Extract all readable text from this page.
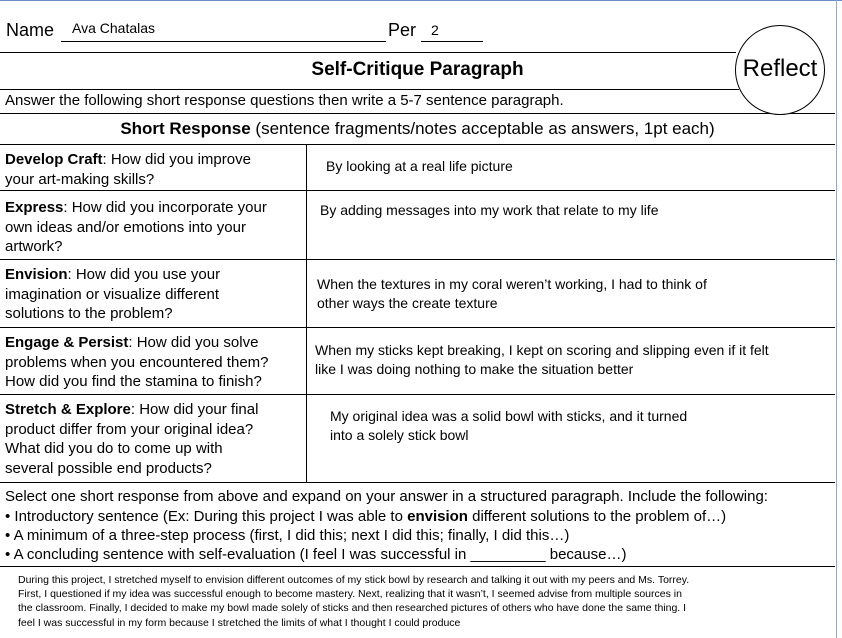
Name Ava Chatalas	Per 2
Reflect
Self-Critique Paragraph
Answer the following short response questions then write a 5-7 sentence paragraph.
Short Response (sentence fragments/notes acceptable as answers, 1pt each)
Develop Craft: How did you improve
your art-making skills?
By looking at a real life picture
Express: How did you incorporate your
own ideas and/or emotions into your
artwork?
By adding messages into my work that relate to my life
Envision: How did you use your
imagination or visualize different
solutions to the problem?
When the textures in my coral weren’t working, I had to think of
other ways the create texture
Engage & Persist: How did you solve
problems when you encountered them?
How did you find the stamina to finish?
When my sticks kept breaking, I kept on scoring and slipping even if it felt
like I was doing nothing to make the situation better
Stretch & Explore: How did your final
product differ from your original idea?
What did you do to come up with
several possible end products?
My original idea was a solid bowl with sticks, and it turned
into a solely stick bowl
Select one short response from above and expand on your answer in a structured paragraph. Include the following:
• Introductory sentence (Ex: During this project I was able to envision different solutions to the problem of…)
• A minimum of a three-step process (first, I did this; next I did this; finally, I did this…)
• A concluding sentence with self-evaluation (I feel I was successful in _________ because…)
During this project, I stretched myself to envision different outcomes of my stick bowl by research and talking it out with my peers and Ms. Torrey.
First, I questioned if my idea was successful enough to become mastery. Next, realizing that it wasn’t, I seemed advise from multiple sources in
the classroom. Finally, I decided to make my bowl made solely of sticks and then researched pictures of others who have done the same thing. I
feel I was successful in my form because I stretched the limits of what I thought I could produce
